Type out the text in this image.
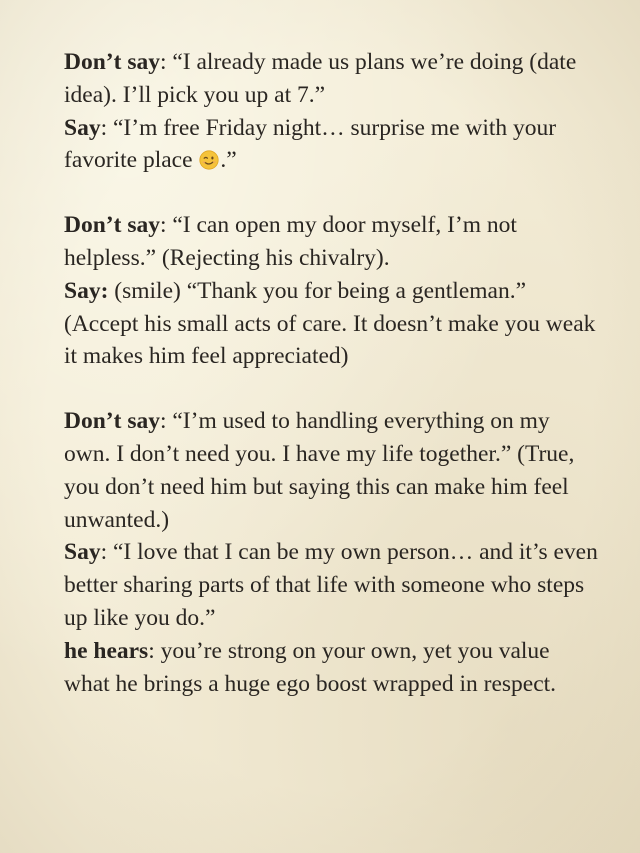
Don’t say: “I already made us plans we’re doing (date idea). I’ll pick you up at 7.”

Say: “I’m free Friday night… surprise me with your favorite place .”

Don’t say: “I can open my door myself, I’m not helpless.” (Rejecting his chivalry).

Say: (smile) “Thank you for being a gentleman.” (Accept his small acts of care. It doesn’t make you weak it makes him feel appreciated)

Don’t say: “I’m used to handling everything on my own. I don’t need you. I have my life together.” (True, you don’t need him but saying this can make him feel unwanted.)

Say: “I love that I can be my own person… and it’s even better sharing parts of that life with someone who steps up like you do.”

he hears: you’re strong on your own, yet you value what he brings a huge ego boost wrapped in respect.
